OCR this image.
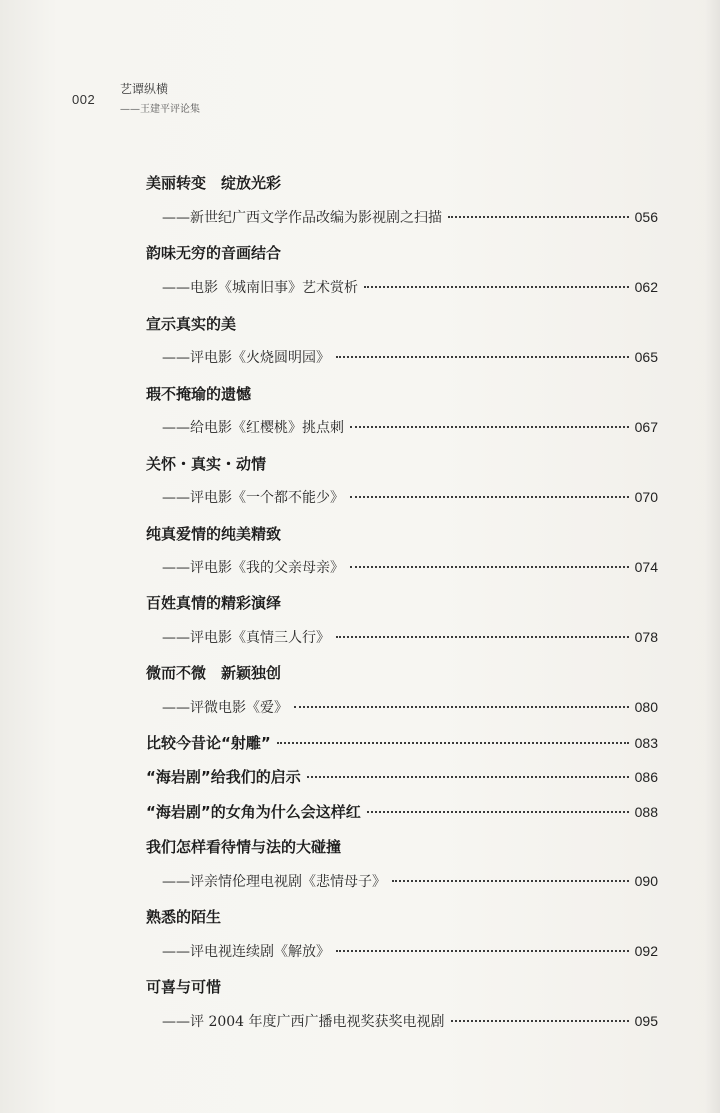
002
艺谭纵横
——王建平评论集
美丽转变　绽放光彩
——新世纪广西文学作品改编为影视剧之扫描	056
韵味无穷的音画结合
——电影《城南旧事》艺术赏析	062
宣示真实的美
——评电影《火烧圆明园》	065
瑕不掩瑜的遗憾
——给电影《红樱桃》挑点刺	067
关怀・真实・动情
——评电影《一个都不能少》	070
纯真爱情的纯美精致
——评电影《我的父亲母亲》	074
百姓真情的精彩演绎
——评电影《真情三人行》	078
微而不微　新颖独创
——评微电影《爱》	080
比较今昔论“射雕”	083
“海岩剧”给我们的启示	086
“海岩剧”的女角为什么会这样红	088
我们怎样看待情与法的大碰撞
——评亲情伦理电视剧《悲情母子》	090
熟悉的陌生
——评电视连续剧《解放》	092
可喜与可惜
——评 2004 年度广西广播电视奖获奖电视剧	095
